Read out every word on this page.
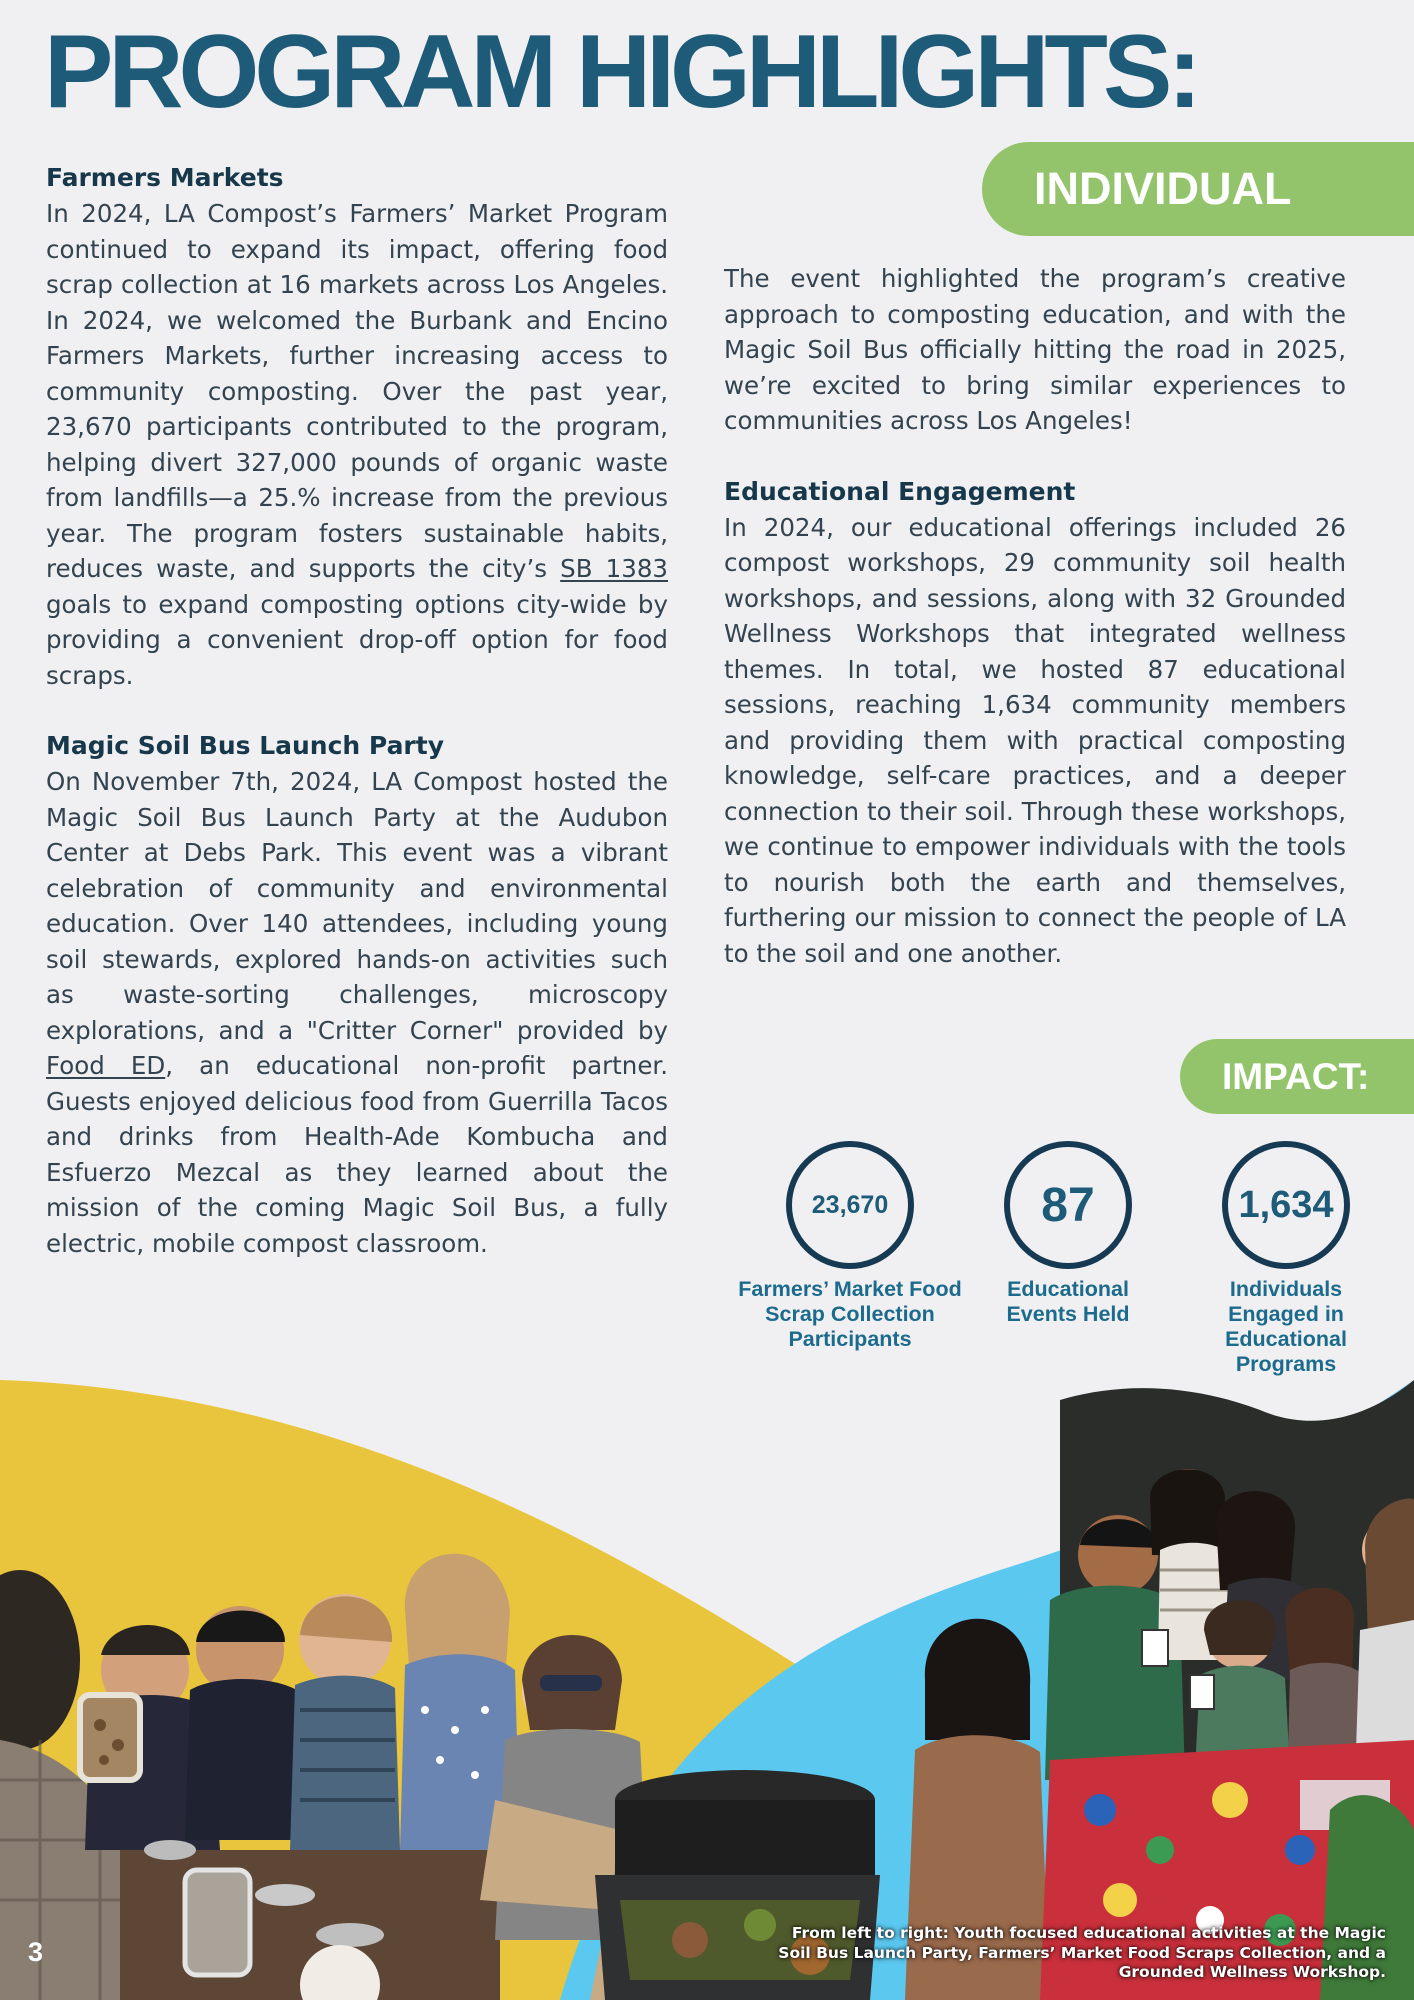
PROGRAM HIGHLIGHTS:
Farmers Markets

In 2024, LA Compost’s Farmers’ Market Program continued to expand its impact, offering food scrap collection at 16 markets across Los Angeles. In 2024, we welcomed the Burbank and Encino Farmers Markets, further increasing access to community composting. Over the past year, 23,670 participants contributed to the program, helping divert 327,000 pounds of organic waste from landfills—a 25.% increase from the previous year. The program fosters sustainable habits, reduces waste, and supports the city’s SB 1383 goals to expand composting options city-wide by providing a convenient drop-off option for food scraps.

Magic Soil Bus Launch Party

On November 7th, 2024, LA Compost hosted the Magic Soil Bus Launch Party at the Audubon Center at Debs Park. This event was a vibrant celebration of community and environmental education. Over 140 attendees, including young soil stewards, explored hands-on activities such as waste-sorting challenges, microscopy explorations, and a "Critter Corner" provided by Food ED, an educational non-profit partner. Guests enjoyed delicious food from Guerrilla Tacos and drinks from Health-Ade Kombucha and Esfuerzo Mezcal as they learned about the mission of the coming Magic Soil Bus, a fully electric, mobile compost classroom.

INDIVIDUAL

The event highlighted the program’s creative approach to composting education, and with the Magic Soil Bus officially hitting the road in 2025, we’re excited to bring similar experiences to communities across Los Angeles!

Educational Engagement

In 2024, our educational offerings included 26 compost workshops, 29 community soil health workshops, and sessions, along with 32 Grounded Wellness Workshops that integrated wellness themes. In total, we hosted 87 educational sessions, reaching 1,634 community members and providing them with practical composting knowledge, self-care practices, and a deeper connection to their soil. Through these workshops, we continue to empower individuals with the tools to nourish both the earth and themselves, furthering our mission to connect the people of LA to the soil and one another.

IMPACT:
23,670
Farmers’ Market Food Scrap Collection Participants
87
Educational Events Held
1,634
Individuals Engaged in Educational Programs
3
From left to right: Youth focused educational activities at the Magic Soil Bus Launch Party, Farmers’ Market Food Scraps Collection, and a Grounded Wellness Workshop.
